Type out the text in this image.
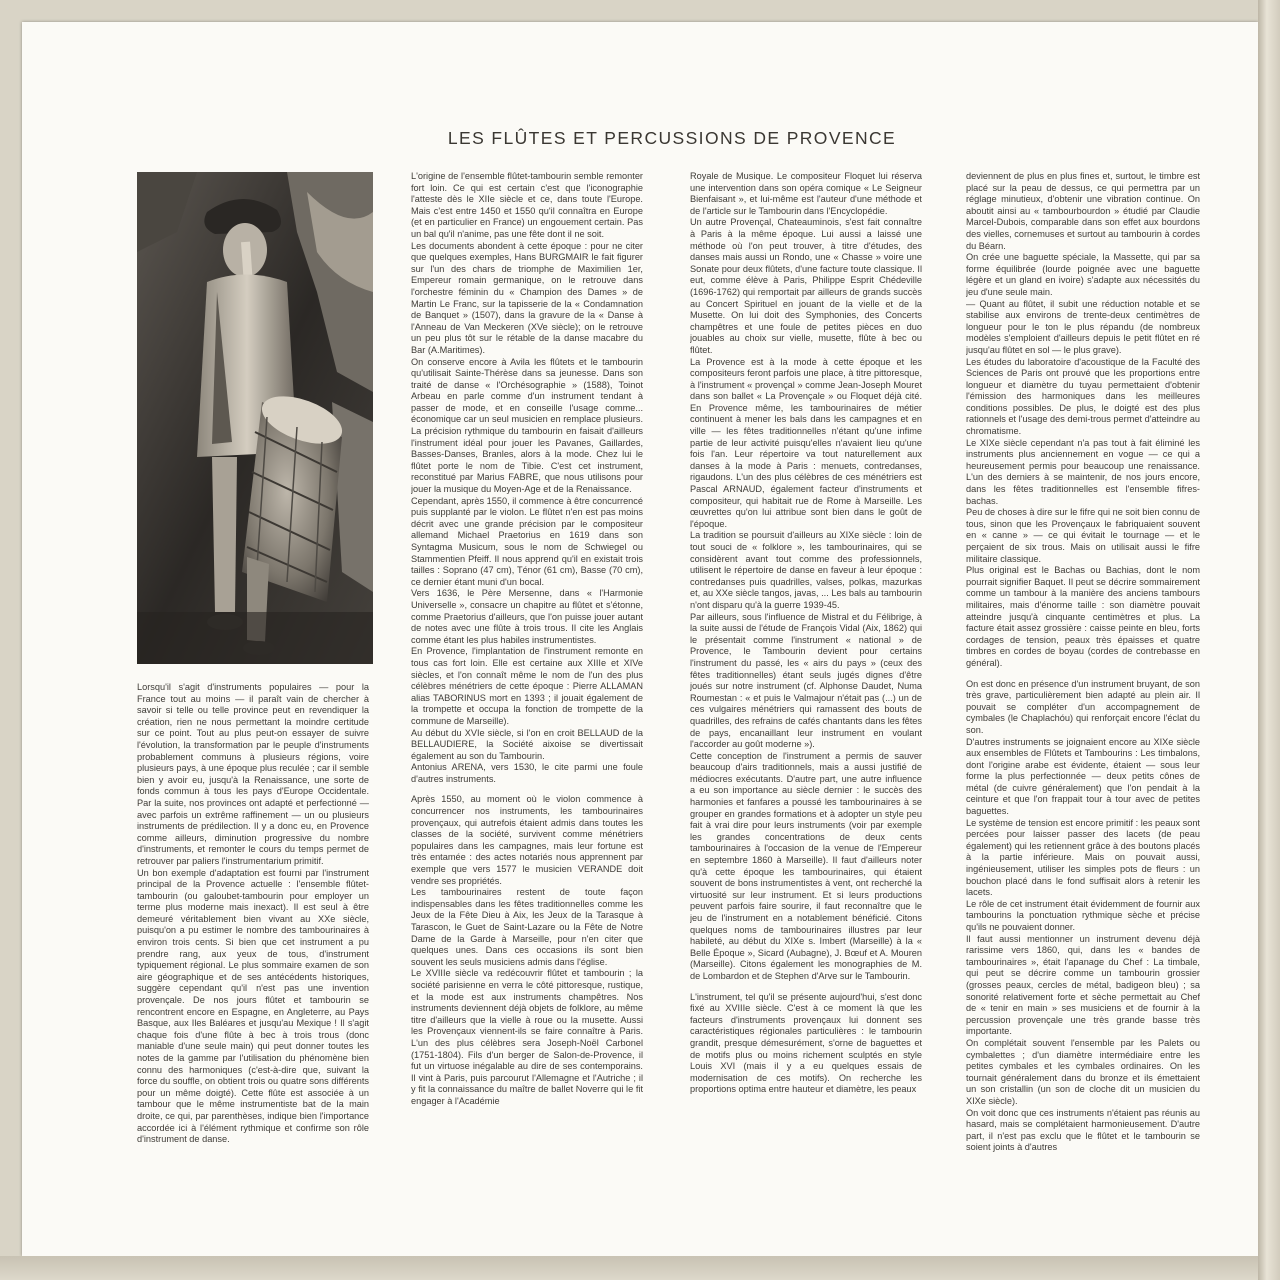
LES FLÛTES ET PERCUSSIONS DE PROVENCE

Lorsqu'il s'agit d'instruments populaires — pour la France tout au moins — il paraît vain de chercher à savoir si telle ou telle province peut en revendiquer la création, rien ne nous permettant la moindre certitude sur ce point. Tout au plus peut-on essayer de suivre l'évolution, la transformation par le peuple d'instruments probablement communs à plusieurs régions, voire plusieurs pays, à une époque plus reculée ; car il semble bien y avoir eu, jusqu'à la Renaissance, une sorte de fonds commun à tous les pays d'Europe Occidentale. Par la suite, nos provinces ont adapté et perfectionné — avec parfois un extrême raffinement — un ou plusieurs instruments de prédilection. Il y a donc eu, en Provence comme ailleurs, diminution progressive du nombre d'instruments, et remonter le cours du temps permet de retrouver par paliers l'instrumentarium primitif.

Un bon exemple d'adaptation est fourni par l'instrument principal de la Provence actuelle : l'ensemble flûtet-tambourin (ou galoubet-tambourin pour employer un terme plus moderne mais inexact). Il est seul à être demeuré véritablement bien vivant au XXe siècle, puisqu'on a pu estimer le nombre des tambourinaires à environ trois cents. Si bien que cet instrument a pu prendre rang, aux yeux de tous, d'instrument typiquement régional. Le plus sommaire examen de son aire géographique et de ses antécédents historiques, suggère cependant qu'il n'est pas une invention provençale. De nos jours flûtet et tambourin se rencontrent encore en Espagne, en Angleterre, au Pays Basque, aux Iles Baléares et jusqu'au Mexique ! Il s'agit chaque fois d'une flûte à bec à trois trous (donc maniable d'une seule main) qui peut donner toutes les notes de la gamme par l'utilisation du phénomène bien connu des harmoniques (c'est-à-dire que, suivant la force du souffle, on obtient trois ou quatre sons différents pour un même doigté). Cette flûte est associée à un tambour que le même instrumentiste bat de la main droite, ce qui, par parenthèses, indique bien l'importance accordée ici à l'élément rythmique et confirme son rôle d'instrument de danse.

L'origine de l'ensemble flûtet-tambourin semble remonter fort loin. Ce qui est certain c'est que l'iconographie l'atteste dès le XIIe siècle et ce, dans toute l'Europe. Mais c'est entre 1450 et 1550 qu'il connaîtra en Europe (et en particulier en France) un engouement certain. Pas un bal qu'il n'anime, pas une fête dont il ne soit.

Les documents abondent à cette époque : pour ne citer que quelques exemples, Hans BURGMAIR le fait figurer sur l'un des chars de triomphe de Maximilien 1er, Empereur romain germanique, on le retrouve dans l'orchestre féminin du « Champion des Dames » de Martin Le Franc, sur la tapisserie de la « Condamnation de Banquet » (1507), dans la gravure de la « Danse à l'Anneau de Van Meckeren (XVe siècle); on le retrouve un peu plus tôt sur le rétable de la danse macabre du Bar (A.Maritimes).

On conserve encore à Avila les flûtets et le tambourin qu'utilisait Sainte-Thérèse dans sa jeunesse. Dans son traité de danse « l'Orchésographie » (1588), Toinot Arbeau en parle comme d'un instrument tendant à passer de mode, et en conseille l'usage comme... économique car un seul musicien en remplace plusieurs. La précision rythmique du tambourin en faisait d'ailleurs l'instrument idéal pour jouer les Pavanes, Gaillardes, Basses-Danses, Branles, alors à la mode. Chez lui le flûtet porte le nom de Tibie. C'est cet instrument, reconstitué par Marius FABRE, que nous utilisons pour jouer la musique du Moyen-Age et de la Renaissance.

Cependant, après 1550, il commence à être concurrencé puis supplanté par le violon. Le flûtet n'en est pas moins décrit avec une grande précision par le compositeur allemand Michael Praetorius en 1619 dans son Syntagma Musicum, sous le nom de Schwiegel ou Stammentien Pfeiff. Il nous apprend qu'il en existait trois tailles : Soprano (47 cm), Ténor (61 cm), Basse (70 cm), ce dernier étant muni d'un bocal.

Vers 1636, le Père Mersenne, dans « l'Harmonie Universelle », consacre un chapitre au flûtet et s'étonne, comme Praetorius d'ailleurs, que l'on puisse jouer autant de notes avec une flûte à trois trous. Il cite les Anglais comme étant les plus habiles instrumentistes.

En Provence, l'implantation de l'instrument remonte en tous cas fort loin. Elle est certaine aux XIIIe et XIVe siècles, et l'on connaît même le nom de l'un des plus célèbres ménétriers de cette époque : Pierre ALLAMAN alias TABORINUS mort en 1393 ; il jouait également de la trompette et occupa la fonction de trompette de la commune de Marseille).

Au début du XVIe siècle, si l'on en croit BELLAUD de la BELLAUDIERE, la Société aixoise se divertissait également au son du Tambourin.

Antonius ARENA, vers 1530, le cite parmi une foule d'autres instruments.

Après 1550, au moment où le violon commence à concurrencer nos instruments, les tambourinaires provençaux, qui autrefois étaient admis dans toutes les classes de la société, survivent comme ménétriers populaires dans les campagnes, mais leur fortune est très entamée : des actes notariés nous apprennent par exemple que vers 1577 le musicien VERANDE doit vendre ses propriétés.

Les tambourinaires restent de toute façon indispensables dans les fêtes traditionnelles comme les Jeux de la Fête Dieu à Aix, les Jeux de la Tarasque à Tarascon, le Guet de Saint-Lazare ou la Fête de Notre Dame de la Garde à Marseille, pour n'en citer que quelques unes. Dans ces occasions ils sont bien souvent les seuls musiciens admis dans l'église.

Le XVIIIe siècle va redécouvrir flûtet et tambourin ; la société parisienne en verra le côté pittoresque, rustique, et la mode est aux instruments champêtres. Nos instruments deviennent déjà objets de folklore, au même titre d'ailleurs que la vielle à roue ou la musette. Aussi les Provençaux viennent-ils se faire connaître à Paris. L'un des plus célèbres sera Joseph-Noël Carbonel (1751-1804). Fils d'un berger de Salon-de-Provence, il fut un virtuose inégalable au dire de ses contemporains. Il vint à Paris, puis parcourut l'Allemagne et l'Autriche ; il y fit la connaissance du maître de ballet Noverre qui le fit engager à l'Académie

Royale de Musique. Le compositeur Floquet lui réserva une intervention dans son opéra comique « Le Seigneur Bienfaisant », et lui-même est l'auteur d'une méthode et de l'article sur le Tambourin dans l'Encyclopédie.

Un autre Provençal, Chateauminois, s'est fait connaître à Paris à la même époque. Lui aussi a laissé une méthode où l'on peut trouver, à titre d'études, des danses mais aussi un Rondo, une « Chasse » voire une Sonate pour deux flûtets, d'une facture toute classique. Il eut, comme élève à Paris, Philippe Esprit Chédeville (1696-1762) qui remportait par ailleurs de grands succès au Concert Spirituel en jouant de la vielle et de la Musette. On lui doit des Symphonies, des Concerts champêtres et une foule de petites pièces en duo jouables au choix sur vielle, musette, flûte à bec ou flûtet.

La Provence est à la mode à cette époque et les compositeurs feront parfois une place, à titre pittoresque, à l'instrument « provençal » comme Jean-Joseph Mouret dans son ballet « La Provençale » ou Floquet déjà cité. En Provence même, les tambourinaires de métier continuent à mener les bals dans les campagnes et en ville — les fêtes traditionnelles n'étant qu'une infime partie de leur activité puisqu'elles n'avaient lieu qu'une fois l'an. Leur répertoire va tout naturellement aux danses à la mode à Paris : menuets, contredanses, rigaudons. L'un des plus célèbres de ces ménétriers est Pascal ARNAUD, également facteur d'instruments et compositeur, qui habitait rue de Rome à Marseille. Les œuvrettes qu'on lui attribue sont bien dans le goût de l'époque.

La tradition se poursuit d'ailleurs au XIXe siècle : loin de tout souci de « folklore », les tambourinaires, qui se considèrent avant tout comme des professionnels, utilisent le répertoire de danse en faveur à leur époque : contredanses puis quadrilles, valses, polkas, mazurkas et, au XXe siècle tangos, javas, ... Les bals au tambourin n'ont disparu qu'à la guerre 1939-45.

Par ailleurs, sous l'influence de Mistral et du Félibrige, à la suite aussi de l'étude de François Vidal (Aix, 1862) qui le présentait comme l'instrument « national » de Provence, le Tambourin devient pour certains l'instrument du passé, les « airs du pays » (ceux des fêtes traditionnelles) étant seuls jugés dignes d'être joués sur notre instrument (cf. Alphonse Daudet, Numa Roumestan : « et puis le Valmajour n'était pas (...) un de ces vulgaires ménétriers qui ramassent des bouts de quadrilles, des refrains de cafés chantants dans les fêtes de pays, encanaillant leur instrument en voulant l'accorder au goût moderne »).

Cette conception de l'instrument a permis de sauver beaucoup d'airs traditionnels, mais a aussi justifié de médiocres exécutants. D'autre part, une autre influence a eu son importance au siècle dernier : le succès des harmonies et fanfares a poussé les tambourinaires à se grouper en grandes formations et à adopter un style peu fait à vrai dire pour leurs instruments (voir par exemple les grandes concentrations de deux cents tambourinaires à l'occasion de la venue de l'Empereur en septembre 1860 à Marseille). Il faut d'ailleurs noter qu'à cette époque les tambourinaires, qui étaient souvent de bons instrumentistes à vent, ont recherché la virtuosité sur leur instrument. Et si leurs productions peuvent parfois faire sourire, il faut reconnaître que le jeu de l'instrument en a notablement bénéficié. Citons quelques noms de tambourinaires illustres par leur habileté, au début du XIXe s. Imbert (Marseille) à la « Belle Époque », Sicard (Aubagne), J. Bœuf et A. Mouren (Marseille). Citons également les monographies de M. de Lombardon et de Stephen d'Arve sur le Tambourin.

L'instrument, tel qu'il se présente aujourd'hui, s'est donc fixé au XVIIIe siècle. C'est à ce moment là que les facteurs d'instruments provençaux lui donnent ses caractéristiques régionales particulières : le tambourin grandit, presque démesurément, s'orne de baguettes et de motifs plus ou moins richement sculptés en style Louis XVI (mais il y a eu quelques essais de modernisation de ces motifs). On recherche les proportions optima entre hauteur et diamètre, les peaux

deviennent de plus en plus fines et, surtout, le timbre est placé sur la peau de dessus, ce qui permettra par un réglage minutieux, d'obtenir une vibration continue. On aboutit ainsi au « tambourbourdon » étudié par Claudie Marcel-Dubois, comparable dans son effet aux bourdons des vielles, cornemuses et surtout au tambourin à cordes du Béarn.

On crée une baguette spéciale, la Massette, qui par sa forme équilibrée (lourde poignée avec une baguette légère et un gland en ivoire) s'adapte aux nécessités du jeu d'une seule main.

— Quant au flûtet, il subit une réduction notable et se stabilise aux environs de trente-deux centimètres de longueur pour le ton le plus répandu (de nombreux modèles s'emploient d'ailleurs depuis le petit flûtet en ré jusqu'au flûtet en sol — le plus grave).

Les études du laboratoire d'acoustique de la Faculté des Sciences de Paris ont prouvé que les proportions entre longueur et diamètre du tuyau permettaient d'obtenir l'émission des harmoniques dans les meilleures conditions possibles. De plus, le doigté est des plus rationnels et l'usage des demi-trous permet d'atteindre au chromatisme.

Le XIXe siècle cependant n'a pas tout à fait éliminé les instruments plus anciennement en vogue — ce qui a heureusement permis pour beaucoup une renaissance. L'un des derniers à se maintenir, de nos jours encore, dans les fêtes traditionnelles est l'ensemble fifres-bachas.

Peu de choses à dire sur le fifre qui ne soit bien connu de tous, sinon que les Provençaux le fabriquaient souvent en « canne » — ce qui évitait le tournage — et le perçaient de six trous. Mais on utilisait aussi le fifre militaire classique.

Plus original est le Bachas ou Bachias, dont le nom pourrait signifier Baquet. Il peut se décrire sommairement comme un tambour à la manière des anciens tambours militaires, mais d'énorme taille : son diamètre pouvait atteindre jusqu'à cinquante centimètres et plus. La facture était assez grossière : caisse peinte en bleu, forts cordages de tension, peaux très épaisses et quatre timbres en cordes de boyau (cordes de contrebasse en général).

On est donc en présence d'un instrument bruyant, de son très grave, particulièrement bien adapté au plein air. Il pouvait se compléter d'un accompagnement de cymbales (le Chaplachóu) qui renforçait encore l'éclat du son.

D'autres instruments se joignaient encore au XIXe siècle aux ensembles de Flûtets et Tambourins : Les timbalons, dont l'origine arabe est évidente, étaient — sous leur forme la plus perfectionnée — deux petits cônes de métal (de cuivre généralement) que l'on pendait à la ceinture et que l'on frappait tour à tour avec de petites baguettes.

Le système de tension est encore primitif : les peaux sont percées pour laisser passer des lacets (de peau également) qui les retiennent grâce à des boutons placés à la partie inférieure. Mais on pouvait aussi, ingénieusement, utiliser les simples pots de fleurs : un bouchon placé dans le fond suffisait alors à retenir les lacets.

Le rôle de cet instrument était évidemment de fournir aux tambourins la ponctuation rythmique sèche et précise qu'ils ne pouvaient donner.

Il faut aussi mentionner un instrument devenu déjà rarissime vers 1860, qui, dans les « bandes de tambourinaires », était l'apanage du Chef : La timbale, qui peut se décrire comme un tambourin grossier (grosses peaux, cercles de métal, badigeon bleu) ; sa sonorité relativement forte et sèche permettait au Chef de « tenir en main » ses musiciens et de fournir à la percussion provençale une très grande basse très importante.

On complétait souvent l'ensemble par les Palets ou cymbalettes ; d'un diamètre intermédiaire entre les petites cymbales et les cymbales ordinaires. On les tournait généralement dans du bronze et ils émettaient un son cristallin (un son de cloche dit un musicien du XIXe siècle).

On voit donc que ces instruments n'étaient pas réunis au hasard, mais se complétaient harmonieusement. D'autre part, il n'est pas exclu que le flûtet et le tambourin se soient joints à d'autres
